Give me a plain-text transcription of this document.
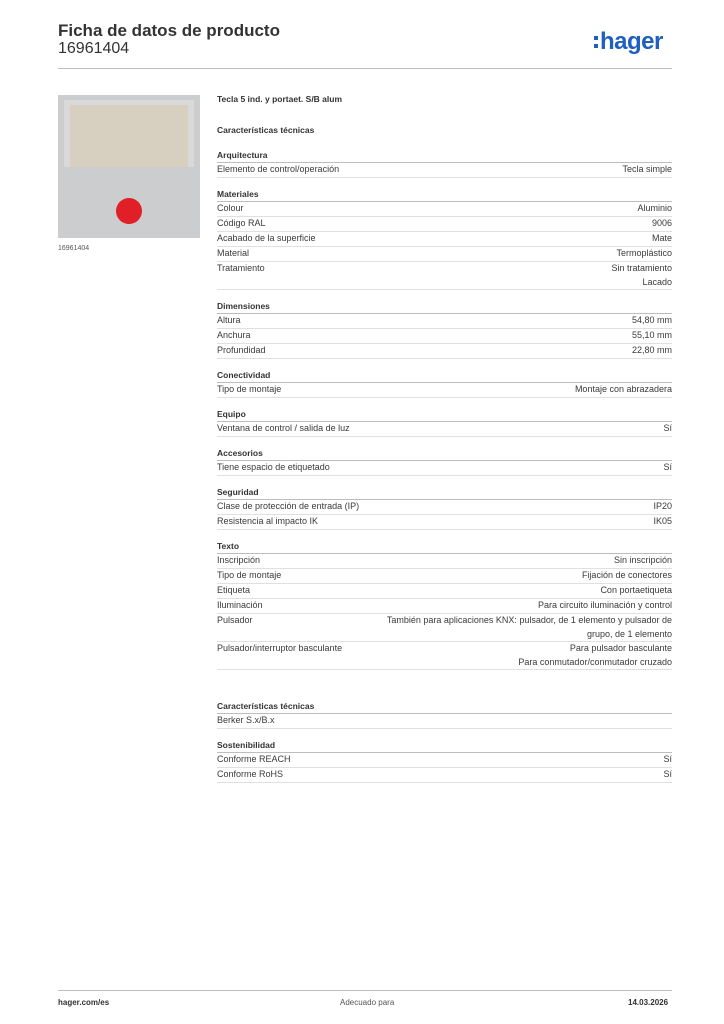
Ficha de datos de producto
16961404	hager
16961404
Tecla 5 ind. y portaet. S/B alum
Características técnicas
Arquitectura
Elemento de control/operación	Tecla simple
Materiales
Colour	Aluminio
Código RAL	9006
Acabado de la superficie	Mate
Material	Termoplástico
Tratamiento	Sin tratamiento
Lacado
Dimensiones
Altura	54,80 mm
Anchura	55,10 mm
Profundidad	22,80 mm
Conectividad
Tipo de montaje	Montaje con abrazadera
Equipo
Ventana de control / salida de luz	Sí
Accesorios
Tiene espacio de etiquetado	Sí
Seguridad
Clase de protección de entrada (IP)	IP20
Resistencia al impacto IK	IK05
Texto
Inscripción	Sin inscripción
Tipo de montaje	Fijación de conectores
Etiqueta	Con portaetiqueta
Iluminación	Para circuito iluminación y control
Pulsador	También para aplicaciones KNX: pulsador, de 1 elemento y pulsador de
grupo, de 1 elemento
Pulsador/interruptor basculante	Para pulsador basculante
Para conmutador/conmutador cruzado
Características técnicas
Berker S.x/B.x
Sostenibilidad
Conforme REACH	Sí
Conforme RoHS	Sí
hager.com/es	Adecuado para	14.03.2026
